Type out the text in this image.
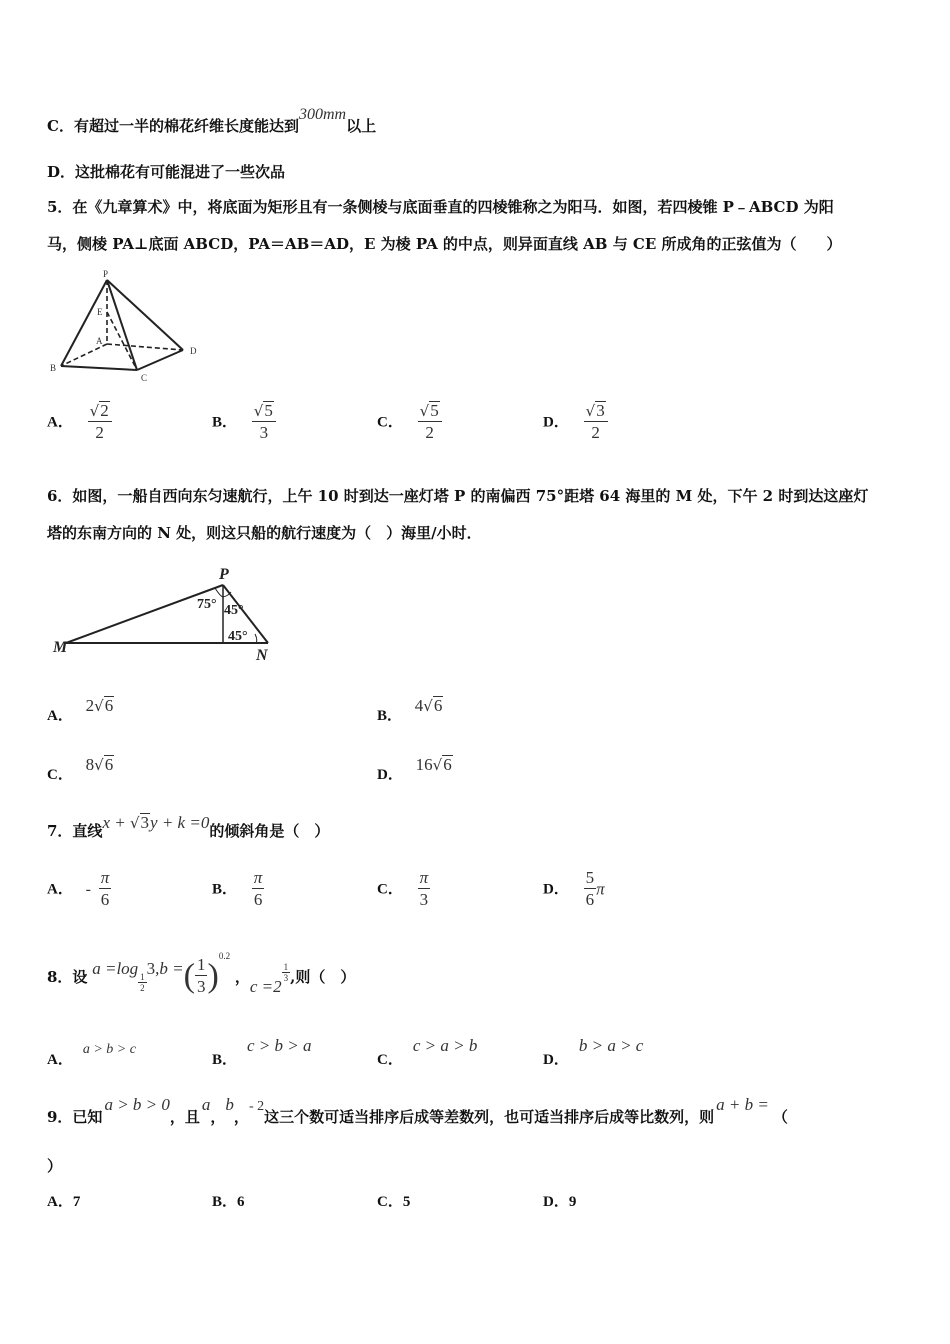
C．有超过一半的棉花纤维长度能达到300mm以上
D．这批棉花有可能混进了一些次品
5．在《九章算术》中，将底面为矩形且有一条侧棱与底面垂直的四棱锥称之为阳马．如图，若四棱锥 P﹣ABCD 为阳
马，侧棱 PA⊥底面 ABCD，PA＝AB＝AD，E 为棱 PA 的中点，则异面直线 AB 与 CE 所成角的正弦值为（　　）
P
E
A
B
C
D
A． $\frac{√2}{2}$	B． $\frac{√5}{3}$	C． $\frac{√5}{2}$	D． $\frac{√3}{2}$
6．如图，一船自西向东匀速航行，上午 10 时到达一座灯塔 P 的南偏西 75°距塔 64 海里的 M 处，下午 2 时到达这座灯
塔的东南方向的 N 处，则这只船的航行速度为（　）海里/小时．
P
M	N
75° 45°
45°
A． 2√6
B． 4√6
C． 8√6
D． 16√6
7．直线x + √3y + k =0的倾斜角是（　）
A． - $\frac{\pi}{6}$	B． $\frac{\pi}{6}$	C． $\frac{\pi}{3}$	D． $\frac{5}{6}$ π
8．设 a =log
$\frac{1}{2}$
3,b =( $\frac{1}{3} )^{0.2}$ ，c =2
$\frac{1}{3}$ ,则（　）
A．a > b > c
B．c > b > a
C．c > a > b
D．b > a > c
9．已知a > b > 0，且a，b，- 2这三个数可适当排序后成等差数列，也可适当排序后成等比数列，则a + b =（
）
A．7	B．6	C．5	D．9
